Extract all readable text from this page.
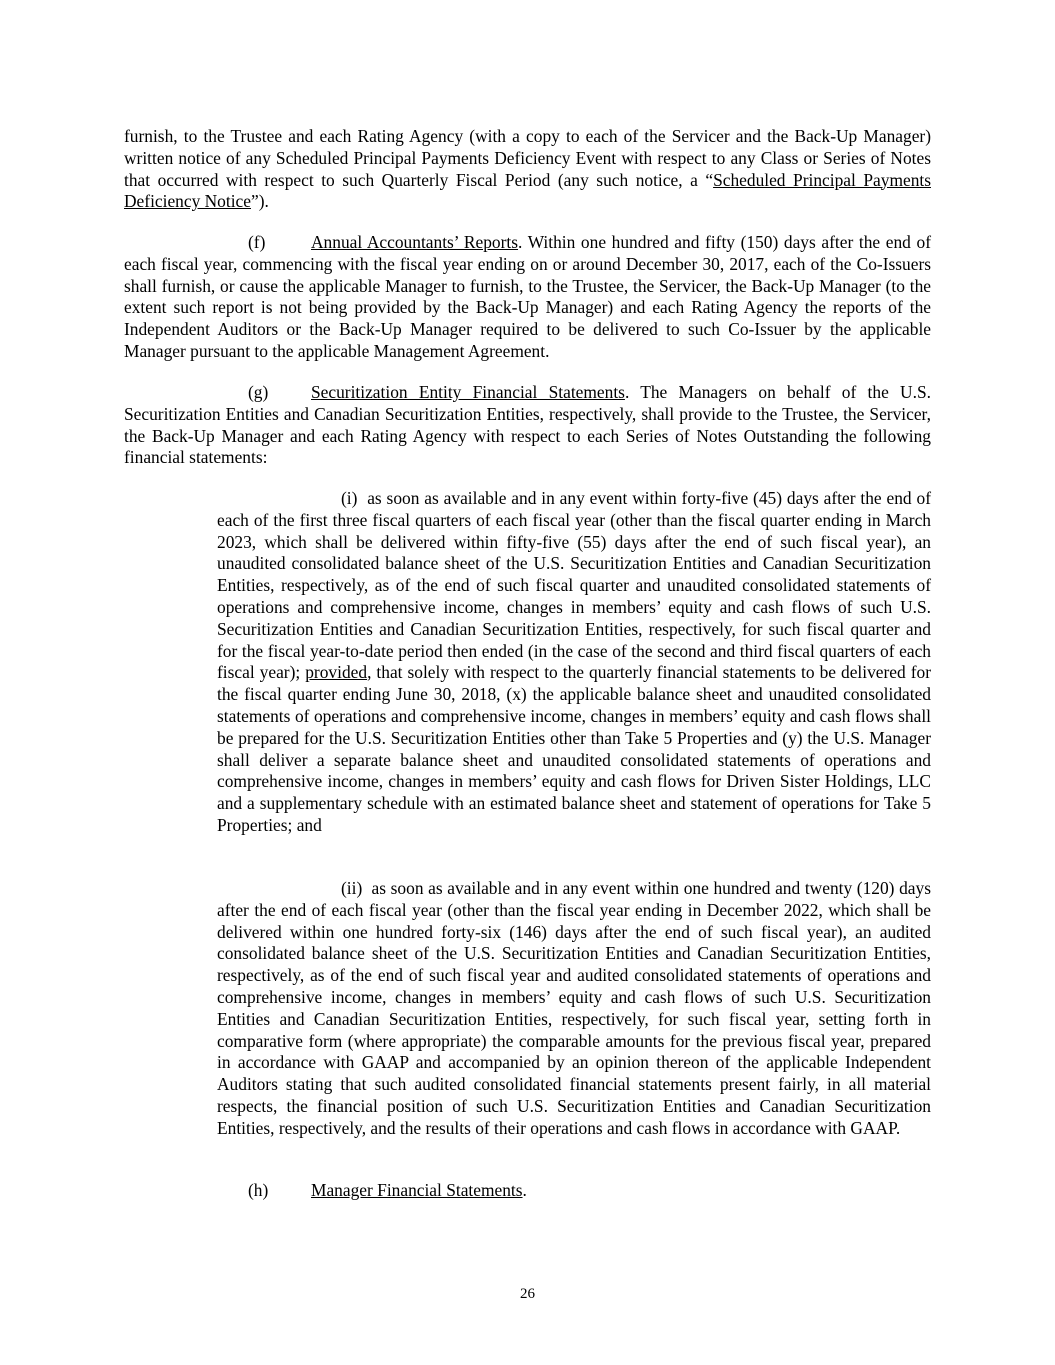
furnish, to the Trustee and each Rating Agency (with a copy to each of the Servicer and the Back-Up Manager) written notice of any Scheduled Principal Payments Deficiency Event with respect to any Class or Series of Notes that occurred with respect to such Quarterly Fiscal Period (any such notice, a “Scheduled Principal Payments Deficiency Notice”).

(f)	Annual Accountants’ Reports. Within one hundred and fifty (150) days after the end of each fiscal year, commencing with the fiscal year ending on or around December 30, 2017, each of the Co-Issuers shall furnish, or cause the applicable Manager to furnish, to the Trustee, the Servicer, the Back-Up Manager (to the extent such report is not being provided by the Back-Up Manager) and each Rating Agency the reports of the Independent Auditors or the Back-Up Manager required to be delivered to such Co-Issuer by the applicable Manager pursuant to the applicable Management Agreement.

(g) Securitization Entity Financial Statements. The Managers on behalf of the U.S. Securitization Entities and Canadian Securitization Entities, respectively, shall provide to the Trustee, the Servicer, the Back-Up Manager and each Rating Agency with respect to each Series of Notes Outstanding the following financial statements:

(i) as soon as available and in any event within forty-five (45) days after the end of each of the first three fiscal quarters of each fiscal year (other than the fiscal quarter ending in March 2023, which shall be delivered within fifty-five (55) days after the end of such fiscal year), an unaudited consolidated balance sheet of the U.S. Securitization Entities and Canadian Securitization Entities, respectively, as of the end of such fiscal quarter and unaudited consolidated statements of operations and comprehensive income, changes in members’ equity and cash flows of such U.S. Securitization Entities and Canadian Securitization Entities, respectively, for such fiscal quarter and for the fiscal year-to-date period then ended (in the case of the second and third fiscal quarters of each fiscal year); provided, that solely with respect to the quarterly financial statements to be delivered for the fiscal quarter ending June 30, 2018, (x) the applicable balance sheet and unaudited consolidated statements of operations and comprehensive income, changes in members’ equity and cash flows shall be prepared for the U.S. Securitization Entities other than Take 5 Properties and (y) the U.S. Manager shall deliver a separate balance sheet and unaudited consolidated statements of operations and comprehensive income, changes in members’ equity and cash flows for Driven Sister Holdings, LLC and a supplementary schedule with an estimated balance sheet and statement of operations for Take 5 Properties; and

(ii) as soon as available and in any event within one hundred and twenty (120) days after the end of each fiscal year (other than the fiscal year ending in December 2022, which shall be delivered within one hundred forty-six (146) days after the end of such fiscal year), an audited consolidated balance sheet of the U.S. Securitization Entities and Canadian Securitization Entities, respectively, as of the end of such fiscal year and audited consolidated statements of operations and comprehensive income, changes in members’ equity and cash flows of such U.S. Securitization Entities and Canadian Securitization Entities, respectively, for such fiscal year, setting forth in comparative form (where appropriate) the comparable amounts for the previous fiscal year, prepared in accordance with GAAP and accompanied by an opinion thereon of the applicable Independent Auditors stating that such audited consolidated financial statements present fairly, in all material respects, the financial position of such U.S. Securitization Entities and Canadian Securitization Entities, respectively, and the results of their operations and cash flows in accordance with GAAP.

(h) Manager Financial Statements.

26
